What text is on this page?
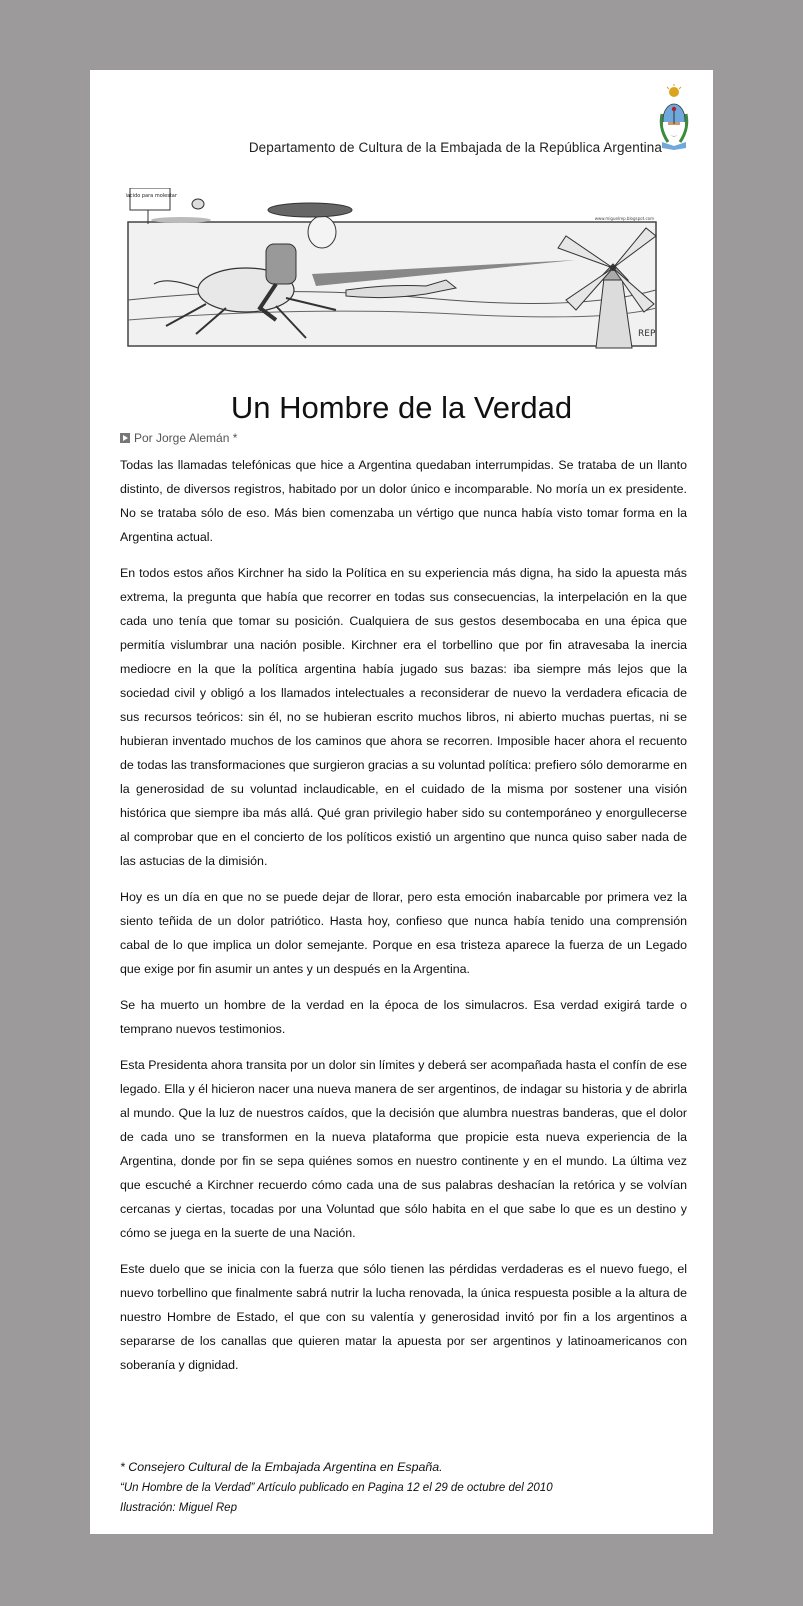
Departamento de Cultura de la Embajada de la República Argentina
Nacido para molestar
www.miguelrep.blogspot.com
REP
Un Hombre de la Verdad
Por Jorge Alemán *

Todas las llamadas telefónicas que hice a Argentina quedaban interrumpidas. Se trataba de un llanto distinto, de diversos registros, habitado por un dolor único e incomparable. No moría un ex presidente. No se trataba sólo de eso. Más bien comenzaba un vértigo que nunca había visto tomar forma en la Argentina actual.

En todos estos años Kirchner ha sido la Política en su experiencia más digna, ha sido la apuesta más extrema, la pregunta que había que recorrer en todas sus consecuencias, la interpelación en la que cada uno tenía que tomar su posición. Cualquiera de sus gestos desembocaba en una épica que permitía vislumbrar una nación posible. Kirchner era el torbellino que por fin atravesaba la inercia mediocre en la que la política argentina había jugado sus bazas: iba siempre más lejos que la sociedad civil y obligó a los llamados intelectuales a reconsiderar de nuevo la verdadera eficacia de sus recursos teóricos: sin él, no se hubieran escrito muchos libros, ni abierto muchas puertas, ni se hubieran inventado muchos de los caminos que ahora se recorren. Imposible hacer ahora el recuento de todas las transformaciones que surgieron gracias a su voluntad política: prefiero sólo demorarme en la generosidad de su voluntad inclaudicable, en el cuidado de la misma por sostener una visión histórica que siempre iba más allá. Qué gran privilegio haber sido su contemporáneo y enorgullecerse al comprobar que en el concierto de los políticos existió un argentino que nunca quiso saber nada de las astucias de la dimisión.

Hoy es un día en que no se puede dejar de llorar, pero esta emoción inabarcable por primera vez la siento teñida de un dolor patriótico. Hasta hoy, confieso que nunca había tenido una comprensión cabal de lo que implica un dolor semejante. Porque en esa tristeza aparece la fuerza de un Legado que exige por fin asumir un antes y un después en la Argentina.

Se ha muerto un hombre de la verdad en la época de los simulacros. Esa verdad exigirá tarde o temprano nuevos testimonios.

Esta Presidenta ahora transita por un dolor sin límites y deberá ser acompañada hasta el confín de ese legado. Ella y él hicieron nacer una nueva manera de ser argentinos, de indagar su historia y de abrirla al mundo. Que la luz de nuestros caídos, que la decisión que alumbra nuestras banderas, que el dolor de cada uno se transformen en la nueva plataforma que propicie esta nueva experiencia de la Argentina, donde por fin se sepa quiénes somos en nuestro continente y en el mundo. La última vez que escuché a Kirchner recuerdo cómo cada una de sus palabras deshacían la retórica y se volvían cercanas y ciertas, tocadas por una Voluntad que sólo habita en el que sabe lo que es un destino y cómo se juega en la suerte de una Nación.

Este duelo que se inicia con la fuerza que sólo tienen las pérdidas verdaderas es el nuevo fuego, el nuevo torbellino que finalmente sabrá nutrir la lucha renovada, la única respuesta posible a la altura de nuestro Hombre de Estado, el que con su valentía y generosidad invitó por fin a los argentinos a separarse de los canallas que quieren matar la apuesta por ser argentinos y latinoamericanos con soberanía y dignidad.

* Consejero Cultural de la Embajada Argentina en España.
“Un Hombre de la Verdad” Artículo publicado en Pagina 12 el 29 de octubre del 2010
Ilustración: Miguel Rep
